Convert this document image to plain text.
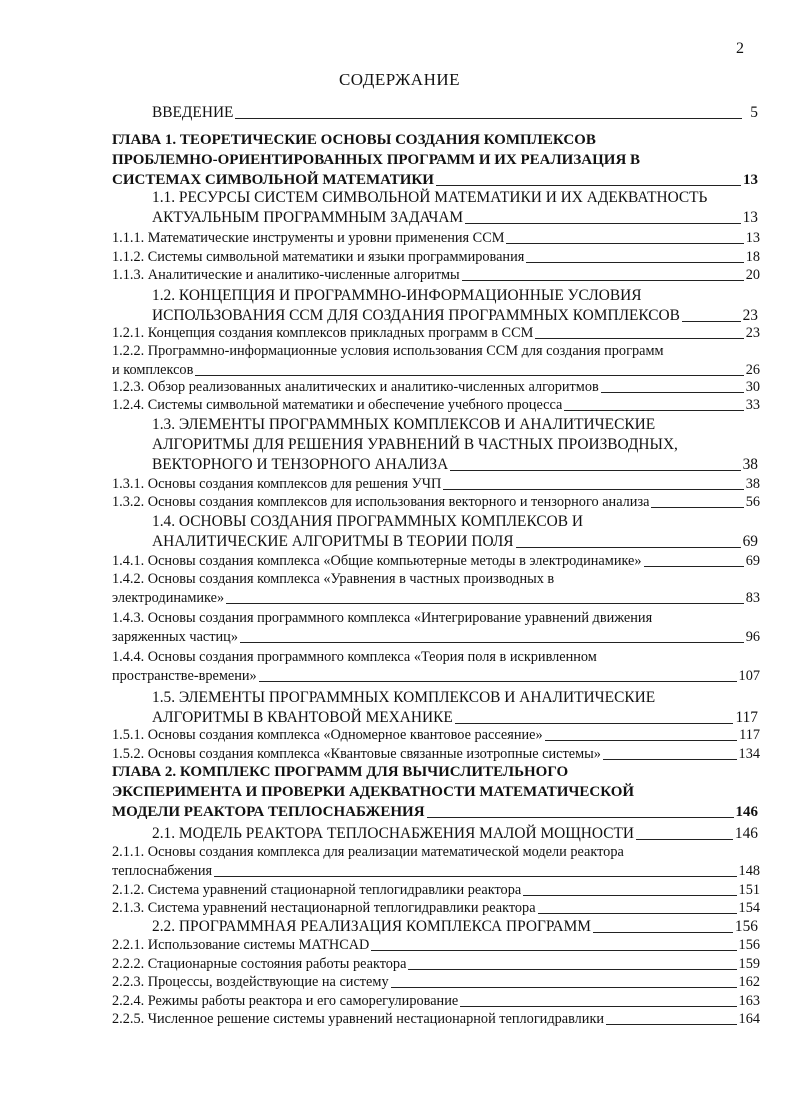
2
СОДЕРЖАНИЕ
ВВЕДЕНИЕ	5
ГЛАВА 1. ТЕОРЕТИЧЕСКИЕ ОСНОВЫ СОЗДАНИЯ КОМПЛЕКСОВ
ПРОБЛЕМНО-ОРИЕНТИРОВАННЫХ ПРОГРАММ И ИХ РЕАЛИЗАЦИЯ В
СИСТЕМАХ СИМВОЛЬНОЙ МАТЕМАТИКИ	13
1.1. РЕСУРСЫ СИСТЕМ СИМВОЛЬНОЙ МАТЕМАТИКИ И ИХ АДЕКВАТНОСТЬ
АКТУАЛЬНЫМ ПРОГРАММНЫМ ЗАДАЧАМ	13
1.1.1. Математические инструменты и уровни применения ССМ	13
1.1.2. Системы символьной математики и языки программирования	18
1.1.3. Аналитические и аналитико-численные алгоритмы	20
1.2. КОНЦЕПЦИЯ И ПРОГРАММНО-ИНФОРМАЦИОННЫЕ УСЛОВИЯ
ИСПОЛЬЗОВАНИЯ ССМ ДЛЯ СОЗДАНИЯ ПРОГРАММНЫХ КОМПЛЕКСОВ	23
1.2.1. Концепция создания комплексов прикладных программ в ССМ	23
1.2.2. Программно-информационные условия использования ССМ для создания программ
и комплексов	26
1.2.3. Обзор реализованных аналитических и аналитико-численных алгоритмов	30
1.2.4. Системы символьной математики и обеспечение учебного процесса	33
1.3. ЭЛЕМЕНТЫ ПРОГРАММНЫХ КОМПЛЕКСОВ И АНАЛИТИЧЕСКИЕ
АЛГОРИТМЫ ДЛЯ РЕШЕНИЯ УРАВНЕНИЙ В ЧАСТНЫХ ПРОИЗВОДНЫХ,
ВЕКТОРНОГО И ТЕНЗОРНОГО АНАЛИЗА	38
1.3.1. Основы создания комплексов для решения УЧП	38
1.3.2. Основы создания комплексов для использования векторного и тензорного анализа	56
1.4. ОСНОВЫ СОЗДАНИЯ ПРОГРАММНЫХ КОМПЛЕКСОВ И
АНАЛИТИЧЕСКИЕ АЛГОРИТМЫ В ТЕОРИИ ПОЛЯ	69
1.4.1. Основы создания комплекса «Общие компьютерные методы в электродинамике»	69
1.4.2. Основы создания комплекса «Уравнения в частных производных в
электродинамике»	83
1.4.3. Основы создания программного комплекса «Интегрирование уравнений движения
заряженных частиц»	96
1.4.4. Основы создания программного комплекса «Теория поля в искривленном
пространстве-времени»	107
1.5. ЭЛЕМЕНТЫ ПРОГРАММНЫХ КОМПЛЕКСОВ И АНАЛИТИЧЕСКИЕ
АЛГОРИТМЫ В КВАНТОВОЙ МЕХАНИКЕ	117
1.5.1. Основы создания комплекса «Одномерное квантовое рассеяние»	117
1.5.2. Основы создания комплекса «Квантовые связанные изотропные системы»	134
ГЛАВА 2. КОМПЛЕКС ПРОГРАММ ДЛЯ ВЫЧИСЛИТЕЛЬНОГО
ЭКСПЕРИМЕНТА И ПРОВЕРКИ АДЕКВАТНОСТИ МАТЕМАТИЧЕСКОЙ
МОДЕЛИ РЕАКТОРА ТЕПЛОСНАБЖЕНИЯ	146
2.1. МОДЕЛЬ РЕАКТОРА ТЕПЛОСНАБЖЕНИЯ МАЛОЙ МОЩНОСТИ	146
2.1.1. Основы создания комплекса для реализации математической модели реактора
теплоснабжения	148
2.1.2. Система уравнений стационарной теплогидравлики реактора	151
2.1.3. Система уравнений нестационарной теплогидравлики реактора	154
2.2. ПРОГРАММНАЯ РЕАЛИЗАЦИЯ КОМПЛЕКСА ПРОГРАММ	156
2.2.1. Использование системы MATHCAD	156
2.2.2. Стационарные состояния работы реактора	159
2.2.3. Процессы, воздействующие на систему	162
2.2.4. Режимы работы реактора и его саморегулирование	163
2.2.5. Численное решение системы уравнений нестационарной теплогидравлики	164
